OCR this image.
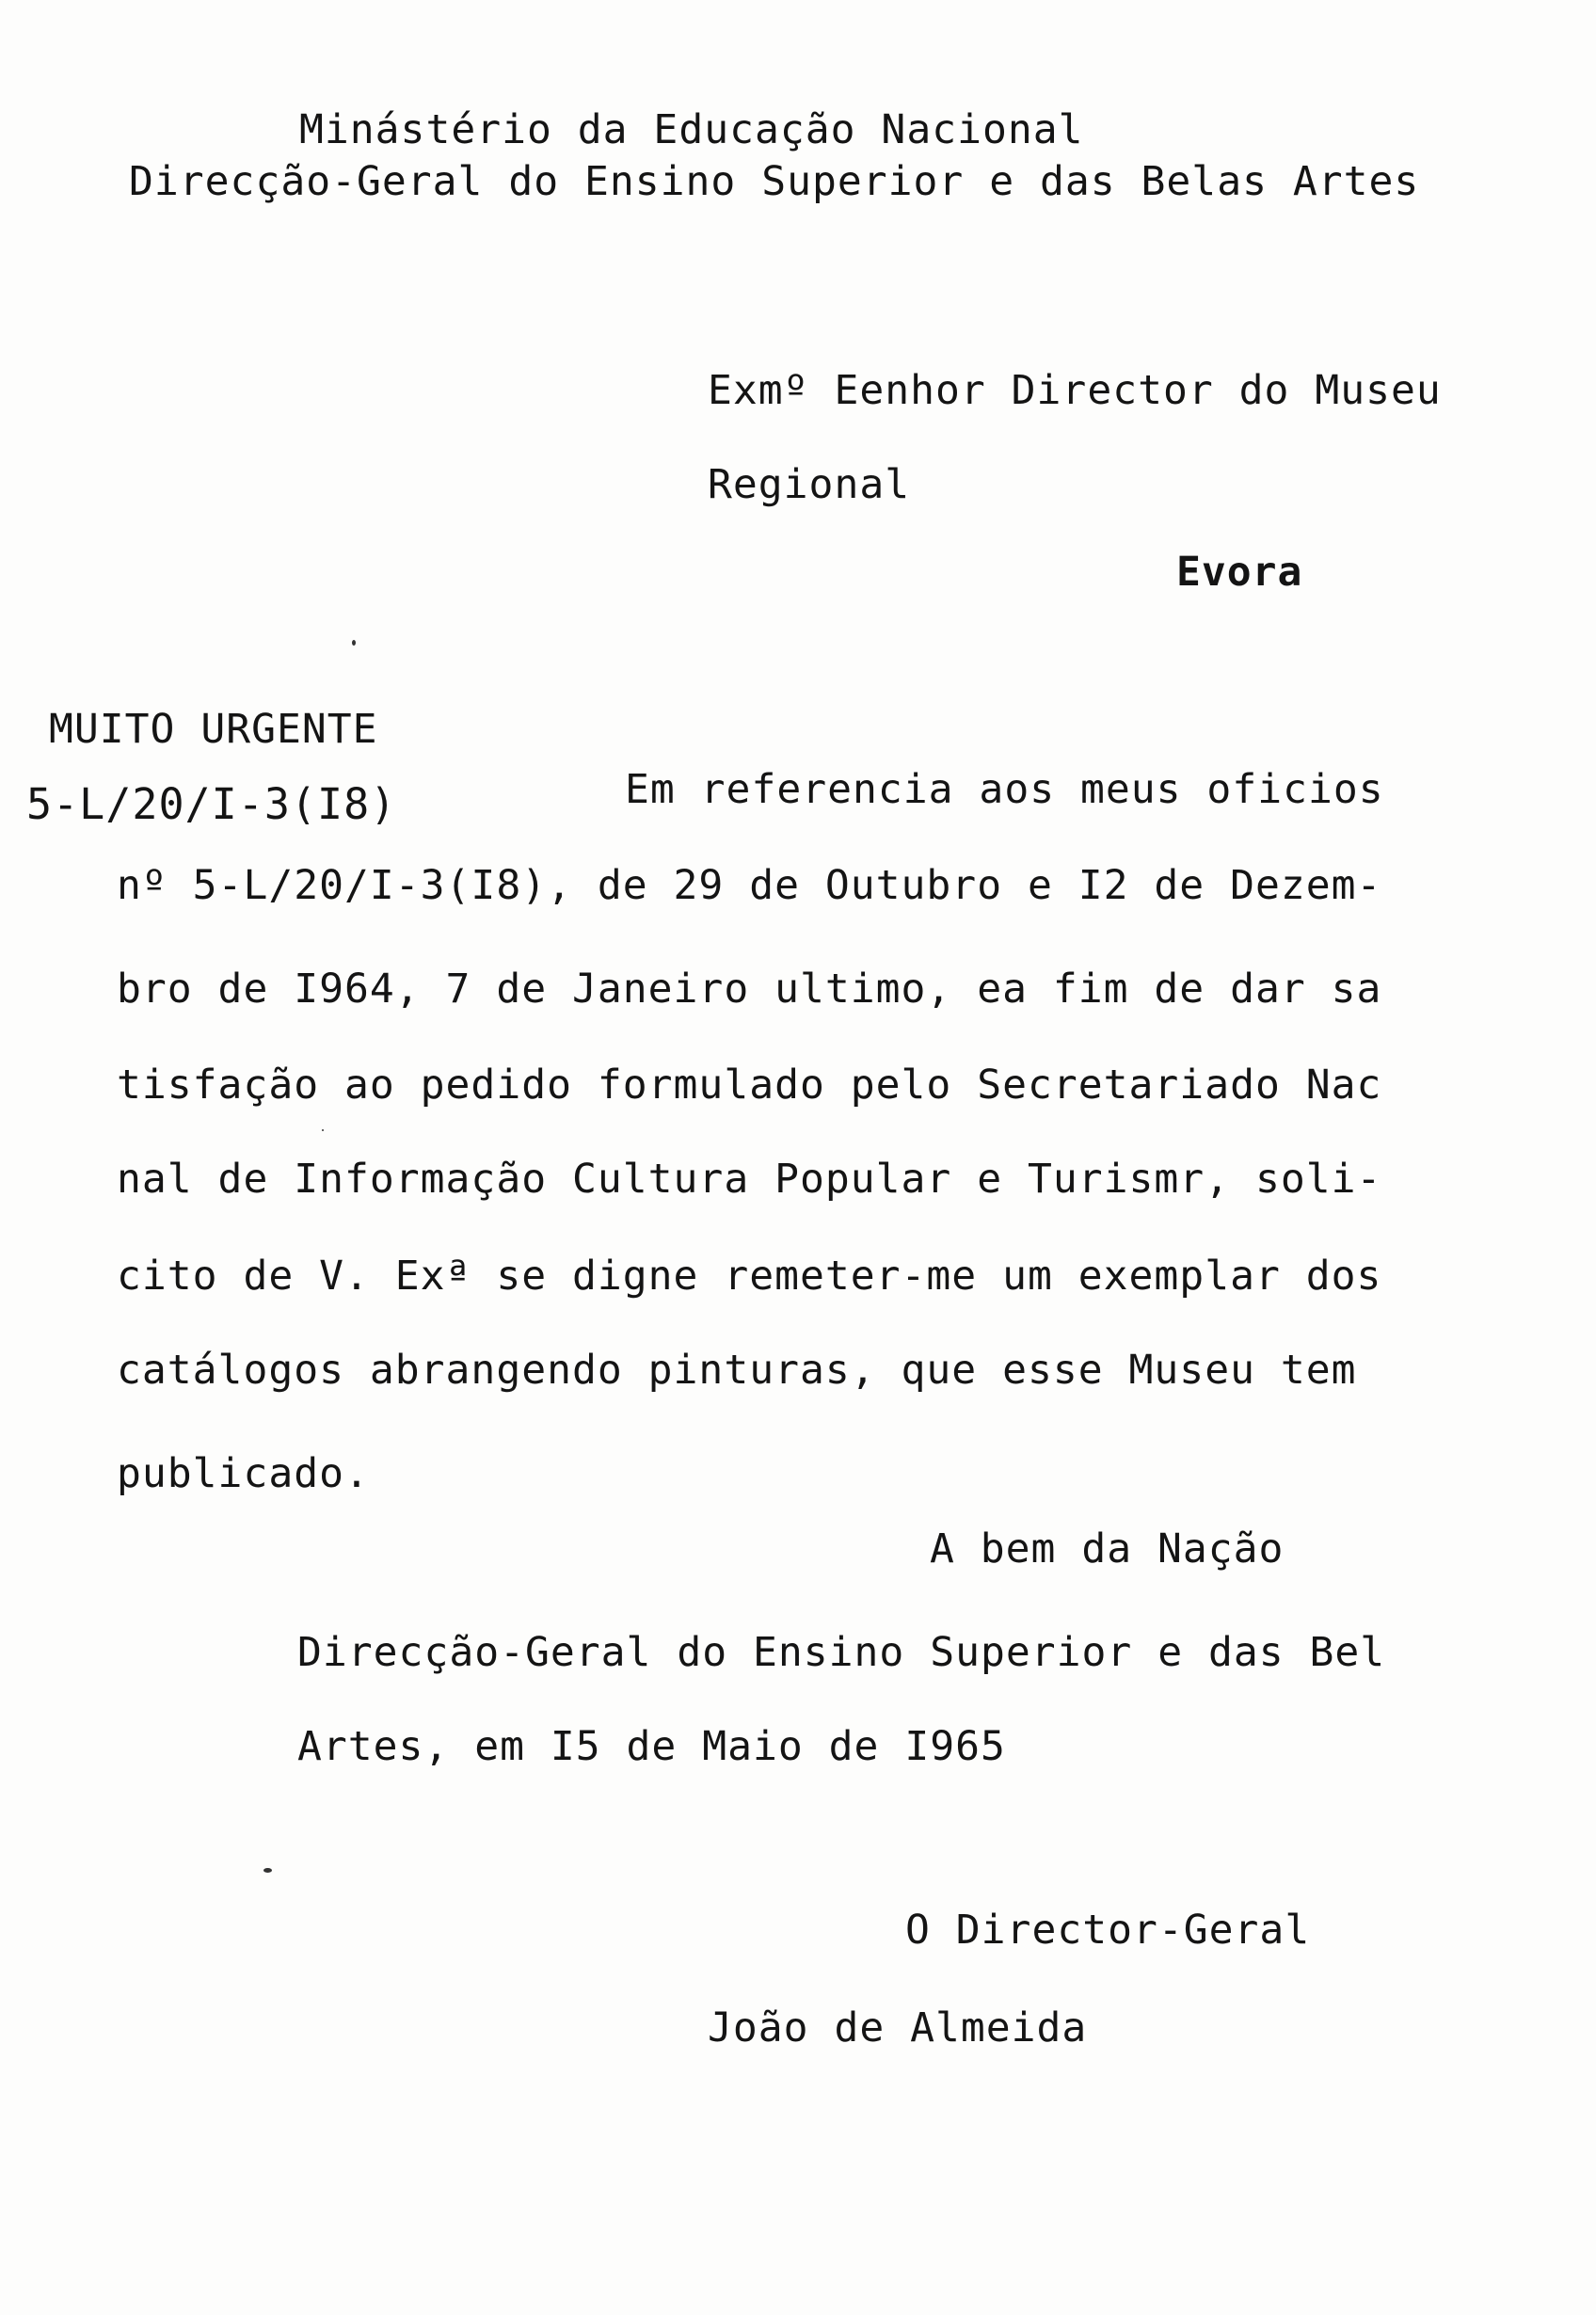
Minástério da Educação Nacional
Direcção-Geral do Ensino Superior e das Belas Artes
Exmº Eenhor Director do Museu
Regional
Evora
MUITO URGENTE
5-L/20/I-3(I8)	Em referencia aos meus oficios
nº 5-L/20/I-3(I8), de 29 de Outubro e I2 de Dezem-
bro de I964, 7 de Janeiro ultimo, ea fim de dar sa
tisfação ao pedido formulado pelo Secretariado Nac
nal de Informação Cultura Popular e Turismr, soli-
cito de V. Exª se digne remeter-me um exemplar dos
catálogos abrangendo pinturas, que esse Museu tem
publicado.
A bem da Nação
Direcção-Geral do Ensino Superior e das Bel
Artes, em I5 de Maio de I965
O Director-Geral
João de Almeida
